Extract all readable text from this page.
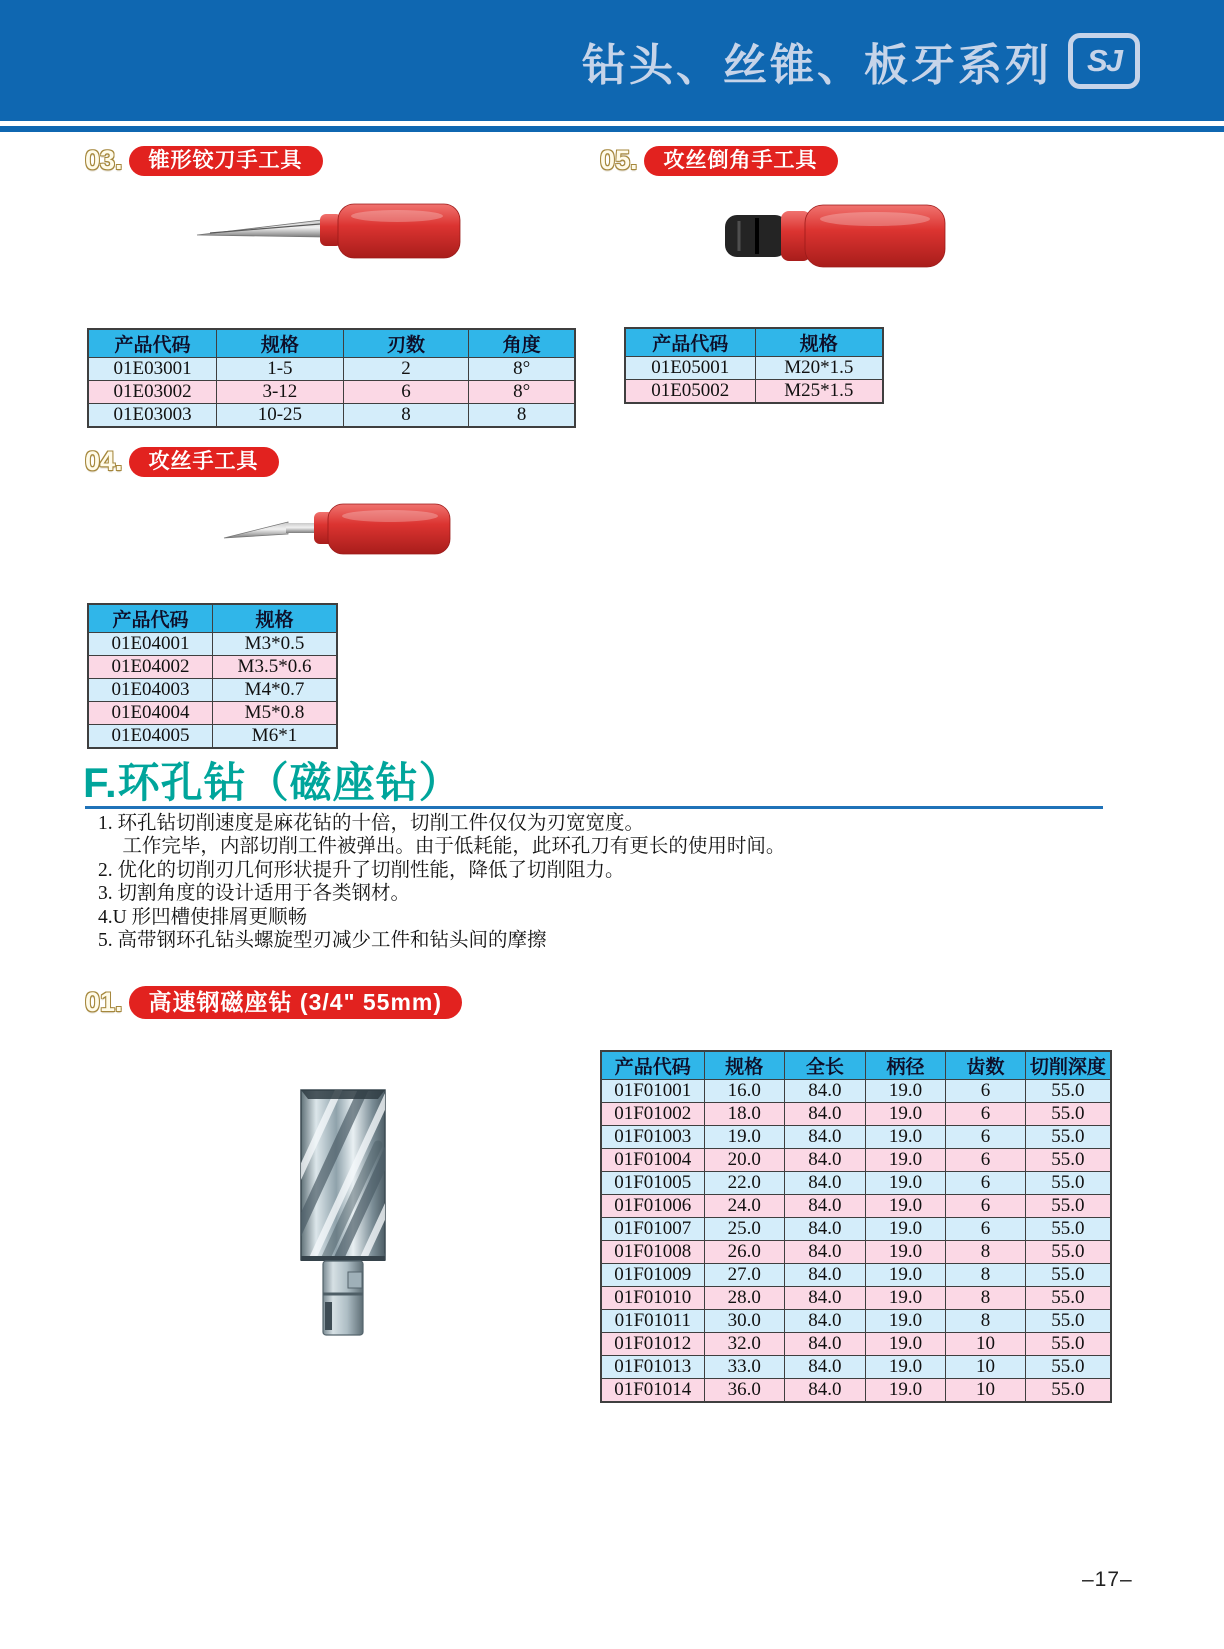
钻头、丝锥、板牙系列	SJ
03.	锥形铰刀手工具	05.	攻丝倒角手工具
产品代码	规格	刃数	角度
01E03001	1-5	2	8°
01E03002	3-12	6	8°
01E03003	10-25	8	8
产品代码	规格
01E05001	M20*1.5
01E05002	M25*1.5
04.	攻丝手工具
产品代码	规格
01E04001	M3*0.5
01E04002	M3.5*0.6
01E04003	M4*0.7
01E04004	M5*0.8
01E04005	M6*1
F.环孔钻（磁座钻）
1. 环孔钻切削速度是麻花钻的十倍，切削工件仅仅为刃宽宽度。
　 工作完毕，内部切削工件被弹出。由于低耗能，此环孔刀有更长的使用时间。
2. 优化的切削刃几何形状提升了切削性能，降低了切削阻力。
3. 切割角度的设计适用于各类钢材。
4.U 形凹槽使排屑更顺畅
5. 高带钢环孔钻头螺旋型刃减少工件和钻头间的摩擦
01.	高速钢磁座钻 (3/4" 55mm)
产品代码	规格	全长	柄径	齿数	切削深度
01F01001	16.0	84.0	19.0	6	55.0
01F01002	18.0	84.0	19.0	6	55.0
01F01003	19.0	84.0	19.0	6	55.0
01F01004	20.0	84.0	19.0	6	55.0
01F01005	22.0	84.0	19.0	6	55.0
01F01006	24.0	84.0	19.0	6	55.0
01F01007	25.0	84.0	19.0	6	55.0
01F01008	26.0	84.0	19.0	8	55.0
01F01009	27.0	84.0	19.0	8	55.0
01F01010	28.0	84.0	19.0	8	55.0
01F01011	30.0	84.0	19.0	8	55.0
01F01012	32.0	84.0	19.0	10	55.0
01F01013	33.0	84.0	19.0	10	55.0
01F01014	36.0	84.0	19.0	10	55.0
–17–
